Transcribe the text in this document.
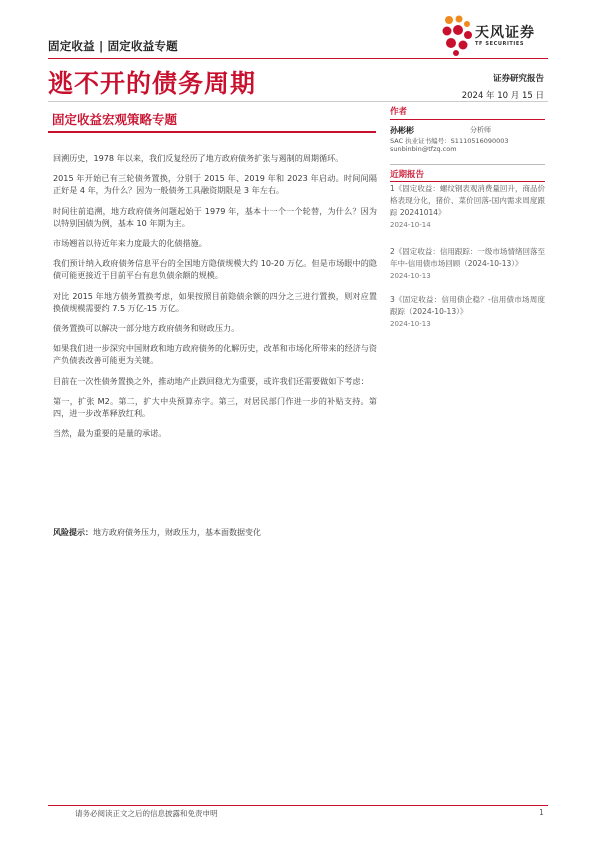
固定收益 | 固定收益专题
天风证券
TF SECURITIES
逃不开的债务周期	证券研究报告
2024 年 10 月 15 日
固定收益宏观策略专题

回溯历史，1978 年以来，我们反复经历了地方政府债务扩张与遏制的周期循环。

2015 年开始已有三轮债务置换，分别于 2015 年、2019 年和 2023 年启动。时间间隔正好是 4 年，为什么？因为一般债务工具融资期限是 3 年左右。

时间往前追溯，地方政府债务问题起始于 1979 年，基本十一个一个轮替，为什么？因为以特别国债为例，基本 10 年期为主。

市场翘首以待近年来力度最大的化债措施。

我们预计纳入政府债务信息平台的全国地方隐债规模大约 10-20 万亿。但是市场眼中的隐债可能更接近于目前平台有息负债余额的规模。

对比 2015 年地方债务置换考虑，如果按照目前隐债余额的四分之三进行置换，则对应置换债规模需要约 7.5 万亿-15 万亿。

债务置换可以解决一部分地方政府债务和财政压力。

如果我们进一步深究中国财政和地方政府债务的化解历史，改革和市场化所带来的经济与资产负债表改善可能更为关键。

目前在一次性债务置换之外，推动地产止跌回稳尤为重要，或许我们还需要做如下考虑：

第一，扩张 M2。第二，扩大中央预算赤字。第三，对居民部门作进一步的补贴支持。第四，进一步改革释放红利。

当然，最为重要的是量的承诺。

风险提示：地方政府债务压力，财政压力，基本面数据变化
作者
孙彬彬	分析师
SAC 执业证书编号：S1110516090003
sunbinbin@tfzq.com
近期报告
1《固定收益：螺纹钢表观消费量回升，商品价格表现分化，猪价、菜价回落-国内需求周度跟踪 20241014》
2024-10-14
2《固定收益：信用跟踪：一级市场情绪回落至年中-信用债市场回顾（2024-10-13）》
2024-10-13
3《固定收益：信用债企稳？-信用债市场周度跟踪（2024-10-13）》
2024-10-13
请务必阅读正文之后的信息披露和免责申明	1
